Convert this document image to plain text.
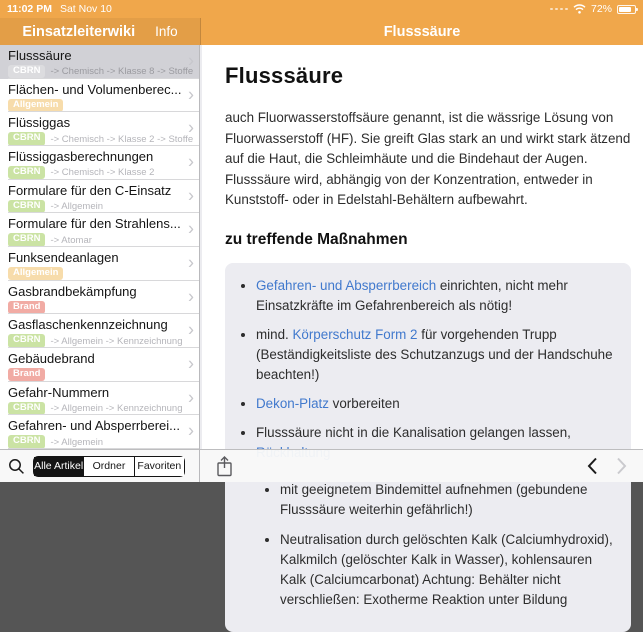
11:02 PM Sat Nov 10	72%
Einsatzleiterwiki Info	Flusssäure
Flusssäure
CBRN	-> Chemisch -> Klasse 8 -> Stoffe
›
Flächen- und Volumenberec...
Allgemein
›
Flüssiggas
CBRN	-> Chemisch -> Klasse 2 -> Stoffe
›
Flüssiggasberechnungen
CBRN	-> Chemisch -> Klasse 2
›
Formulare für den C-Einsatz
CBRN	-> Allgemein
›
Formulare für den Strahlens...
CBRN	-> Atomar
›
Funksendeanlagen
Allgemein
›
Gasbrandbekämpfung
Brand
›
Gasflaschenkennzeichnung
CBRN	-> Allgemein -> Kennzeichnung
›
Gebäudebrand
Brand
›
Gefahr-Nummern
CBRN	-> Allgemein -> Kennzeichnung
›
Gefahren- und Absperrberei...
CBRN	-> Allgemein
›
Alle Artikel Ordner	Favoriten
Flusssäure

auch Fluorwasserstoffsäure genannt, ist die wässrige Lösung von Fluorwasserstoff (HF). Sie greift Glas stark an und wirkt stark ätzend auf die Haut, die Schleimhäute und die Bindehaut der Augen. Flusssäure wird, abhängig von der Konzentration, entweder in Kunststoff- oder in Edelstahl-Behältern aufbewahrt.

zu treffende Maßnahmen
• Gefahren- und Absperrbereich einrichten, nicht mehr Einsatzkräfte im Gefahrenbereich als nötig!
• mind. Körperschutz Form 2 für vorgehenden Trupp (Beständigkeitsliste des Schutzanzugs und der Handschuhe beachten!)
• Dekon-Platz vorbereiten
• Flusssäure nicht in die Kanalisation gelangen lassen,
• mit geeignetem Bindemittel aufnehmen (gebundene Flusssäure weiterhin gefährlich!)
• Neutralisation durch gelöschten Kalk (Calciumhydroxid), Kalkmilch (gelöschter Kalk in Wasser), kohlensauren Kalk (Calciumcarbonat) Achtung: Behälter nicht verschließen: Exotherme Reaktion unter Bildung
